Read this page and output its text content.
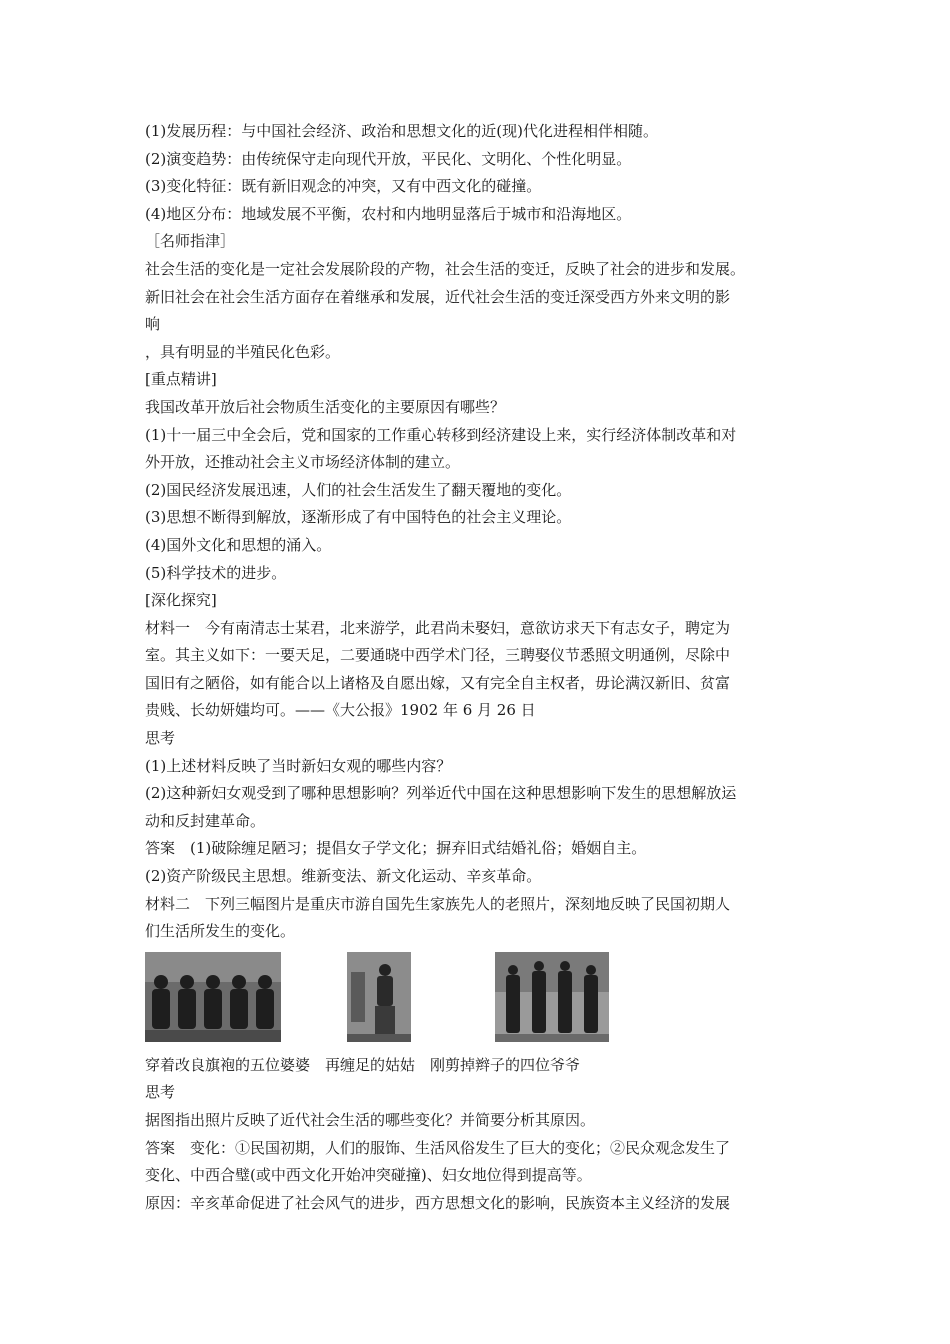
(1)发展历程：与中国社会经济、政治和思想文化的近(现)代化进程相伴相随。
(2)演变趋势：由传统保守走向现代开放，平民化、文明化、个性化明显。
(3)变化特征：既有新旧观念的冲突，又有中西文化的碰撞。
(4)地区分布：地域发展不平衡，农村和内地明显落后于城市和沿海地区。
［名师指津］
社会生活的变化是一定社会发展阶段的产物，社会生活的变迁，反映了社会的进步和发展。
新旧社会在社会生活方面存在着继承和发展，近代社会生活的变迁深受西方外来文明的影
响
，具有明显的半殖民化色彩。
[重点精讲]
我国改革开放后社会物质生活变化的主要原因有哪些？
(1)十一届三中全会后，党和国家的工作重心转移到经济建设上来，实行经济体制改革和对
外开放，还推动社会主义市场经济体制的建立。
(2)国民经济发展迅速，人们的社会生活发生了翻天覆地的变化。
(3)思想不断得到解放，逐渐形成了有中国特色的社会主义理论。
(4)国外文化和思想的涌入。
(5)科学技术的进步。
[深化探究]
材料一　今有南清志士某君，北来游学，此君尚未娶妇，意欲访求天下有志女子，聘定为
室。其主义如下：一要天足，二要通晓中西学术门径，三聘娶仪节悉照文明通例，尽除中
国旧有之陋俗，如有能合以上诸格及自愿出嫁，又有完全自主权者，毋论满汉新旧、贫富
贵贱、长幼妍媸均可。——《大公报》1902 年 6 月 26 日
思考
(1)上述材料反映了当时新妇女观的哪些内容？
(2)这种新妇女观受到了哪种思想影响？列举近代中国在这种思想影响下发生的思想解放运
动和反封建革命。
答案　(1)破除缠足陋习；提倡女子学文化；摒弃旧式结婚礼俗；婚姻自主。
(2)资产阶级民主思想。维新变法、新文化运动、辛亥革命。
材料二　下列三幅图片是重庆市游自国先生家族先人的老照片，深刻地反映了民国初期人
们生活所发生的变化。
穿着改良旗袍的五位婆婆　再缠足的姑姑　刚剪掉辫子的四位爷爷
思考
据图指出照片反映了近代社会生活的哪些变化？并简要分析其原因。
答案　变化：①民国初期，人们的服饰、生活风俗发生了巨大的变化；②民众观念发生了
变化、中西合璧(或中西文化开始冲突碰撞)、妇女地位得到提高等。
原因：辛亥革命促进了社会风气的进步，西方思想文化的影响，民族资本主义经济的发展
